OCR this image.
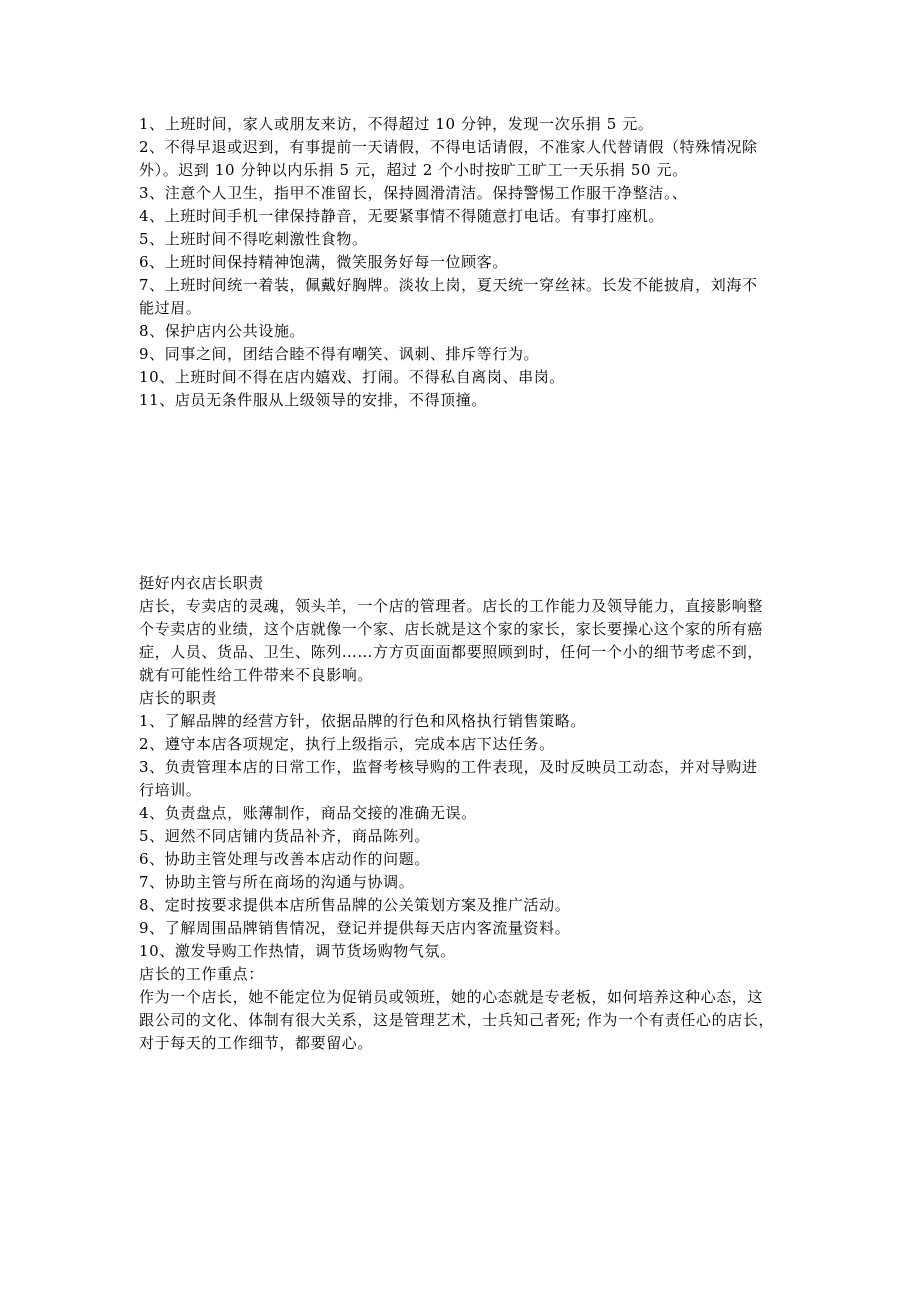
1、上班时间，家人或朋友来访，不得超过 10 分钟，发现一次乐捐 5 元。
2、不得早退或迟到，有事提前一天请假，不得电话请假，不准家人代替请假（特殊情况除
外）。迟到 10 分钟以内乐捐 5 元，超过 2 个小时按旷工旷工一天乐捐 50 元。
3、注意个人卫生，指甲不准留长，保持圆滑清洁。保持警惕工作服干净整洁。、
4、上班时间手机一律保持静音，无要紧事情不得随意打电话。有事打座机。
5、上班时间不得吃刺激性食物。
6、上班时间保持精神饱满，微笑服务好每一位顾客。
7、上班时间统一着装，佩戴好胸牌。淡妆上岗，夏天统一穿丝袜。长发不能披肩，刘海不
能过眉。
8、保护店内公共设施。
9、同事之间，团结合睦不得有嘲笑、讽刺、排斥等行为。
10、上班时间不得在店内嬉戏、打闹。不得私自离岗、串岗。
11、店员无条件服从上级领导的安排，不得顶撞。
挺好内衣店长职责
店长，专卖店的灵魂，领头羊，一个店的管理者。店长的工作能力及领导能力，直接影响整
个专卖店的业绩，这个店就像一个家、店长就是这个家的家长，家长要操心这个家的所有癌
症，人员、货品、卫生、陈列……方方页面面都要照顾到时，任何一个小的细节考虑不到，
就有可能性给工件带来不良影响。
店长的职责
1、了解品牌的经营方针，依据品牌的行色和风格执行销售策略。
2、遵守本店各项规定，执行上级指示，完成本店下达任务。
3、负责管理本店的日常工作，监督考核导购的工件表现，及时反映员工动态，并对导购进
行培训。
4、负责盘点，账薄制作，商品交接的准确无误。
5、迥然不同店铺内货品补齐，商品陈列。
6、协助主管处理与改善本店动作的问题。
7、协助主管与所在商场的沟通与协调。
8、定时按要求提供本店所售品牌的公关策划方案及推广活动。
9、了解周围品牌销售情况，登记并提供每天店内客流量资料。
10、激发导购工作热情，调节货场购物气氛。
店长的工作重点：
作为一个店长，她不能定位为促销员或领班，她的心态就是专老板，如何培养这种心态，这
跟公司的文化、体制有很大关系，这是管理艺术，士兵知己者死; 作为一个有责任心的店长，
对于每天的工作细节，都要留心。
